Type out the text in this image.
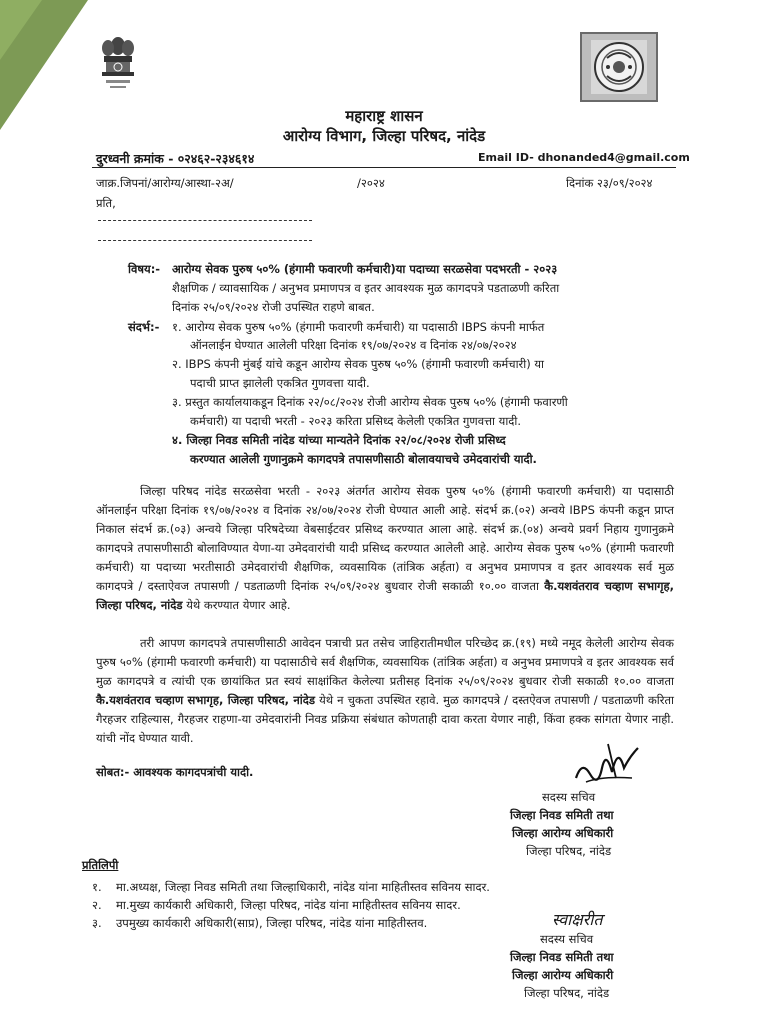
महाराष्ट्र शासन
आरोग्य विभाग, जिल्हा परिषद, नांदेड
दुरध्वनी क्रमांक - ०२४६२-२३४६१४	Email ID- dhonanded4@gmail.com
जाक्र.जिपनां/आरोग्य/आस्था-२अ/	/२०२४	दिनांक २३/०९/२०२४
प्रति,
विषय:- आरोग्य सेवक पुरुष ५०% (हंगामी फवारणी कर्मचारी)या पदाच्या सरळसेवा पदभरती - २०२३
शैक्षणिक / व्यावसायिक / अनुभव प्रमाणपत्र व इतर आवश्यक मुळ कागदपत्रे पडताळणी करिता
दिनांक २५/०९/२०२४ रोजी उपस्थित राहणे बाबत.
संदर्भ:- १. आरोग्य सेवक पुरुष ५०% (हंगामी फवारणी कर्मचारी) या पदासाठी IBPS कंपनी मार्फत
ऑनलाईन घेण्यात आलेली परिक्षा दिनांक १९/०७/२०२४ व दिनांक २४/०७/२०२४
२. IBPS कंपनी मुंबई यांचे कडून आरोग्य सेवक पुरुष ५०% (हंगामी फवारणी कर्मचारी) या
पदाची प्राप्त झालेली एकत्रित गुणवत्ता यादी.
३. प्रस्तुत कार्यालयाकडून दिनांक २२/०८/२०२४ रोजी आरोग्य सेवक पुरुष ५०% (हंगामी फवारणी
कर्मचारी) या पदाची भरती - २०२३ करिता प्रसिध्द केलेली एकत्रित गुणवत्ता यादी.
४. जिल्हा निवड समिती नांदेड यांच्या मान्यतेने दिनांक २२/०८/२०२४ रोजी प्रसिध्द
करण्यात आलेली गुणानुक्रमे कागदपत्रे तपासणीसाठी बोलावयाचचे उमेदवारांची यादी.
जिल्हा परिषद नांदेड सरळसेवा भरती - २०२३ अंतर्गत आरोग्य सेवक पुरुष ५०% (हंगामी फवारणी कर्मचारी) या पदासाठी ऑनलाईन परिक्षा दिनांक १९/०७/२०२४ व दिनांक २४/०७/२०२४ रोजी घेण्यात आली आहे. संदर्भ क्र.(०२) अन्वये IBPS कंपनी कडून प्राप्त निकाल संदर्भ क्र.(०३) अन्वये जिल्हा परिषदेच्या वेबसाईटवर प्रसिध्द करण्यात आला आहे. संदर्भ क्र.(०४) अन्वये प्रवर्ग निहाय गुणानुक्रमे कागदपत्रे तपासणीसाठी बोलाविण्यात येणा-या उमेदवारांची यादी प्रसिध्द करण्यात आलेली आहे. आरोग्य सेवक पुरुष ५०% (हंगामी फवारणी कर्मचारी) या पदाच्या भरतीसाठी उमेदवारांची शैक्षणिक, व्यवसायिक (तांत्रिक अर्हता) व अनुभव प्रमाणपत्र व इतर आवश्यक सर्व मुळ कागदपत्रे / दस्ताऐवज तपासणी / पडताळणी दिनांक २५/०९/२०२४ बुधवार रोजी सकाळी १०.०० वाजता कै.यशवंतराव चव्हाण सभागृह, जिल्हा परिषद, नांदेड येथे करण्यात येणार आहे.
तरी आपण कागदपत्रे तपासणीसाठी आवेदन पत्राची प्रत तसेच जाहिरातीमधील परिच्छेद क्र.(१९) मध्ये नमूद केलेली आरोग्य सेवक पुरुष ५०% (हंगामी फवारणी कर्मचारी) या पदासाठीचे सर्व शैक्षणिक, व्यवसायिक (तांत्रिक अर्हता) व अनुभव प्रमाणपत्रे व इतर आवश्यक सर्व मुळ कागदपत्रे व त्यांची एक छायांकित प्रत स्वयं साक्षांकित केलेल्या प्रतीसह दिनांक २५/०९/२०२४ बुधवार रोजी सकाळी १०.०० वाजता कै.यशवंतराव चव्हाण सभागृह, जिल्हा परिषद, नांदेड येथे न चुकता उपस्थित रहावे. मुळ कागदपत्रे / दस्तऐवज तपासणी / पडताळणी करिता गैरहजर राहिल्यास, गैरहजर राहणा-या उमेदवारांनी निवड प्रक्रिया संबंधात कोणताही दावा करता येणार नाही, किंवा हक्क सांगता येणार नाही. यांची नोंद घेण्यात यावी.
सोबत:- आवश्यक कागदपत्रांची यादी.
सदस्य सचिव
जिल्हा निवड समिती तथा
जिल्हा आरोग्य अधिकारी
जिल्हा परिषद, नांदेड
प्रतिलिपी
१. मा.अध्यक्ष, जिल्हा निवड समिती तथा जिल्हाधिकारी, नांदेड यांना माहितीस्तव सविनय सादर.
२. मा.मुख्य कार्यकारी अधिकारी, जिल्हा परिषद, नांदेड यांना माहितीस्तव सविनय सादर.
३. उपमुख्य कार्यकारी अधिकारी(साप्र), जिल्हा परिषद, नांदेड यांना माहितीस्तव.	स्वाक्षरीत
सदस्य सचिव
जिल्हा निवड समिती तथा
जिल्हा आरोग्य अधिकारी
जिल्हा परिषद, नांदेड
